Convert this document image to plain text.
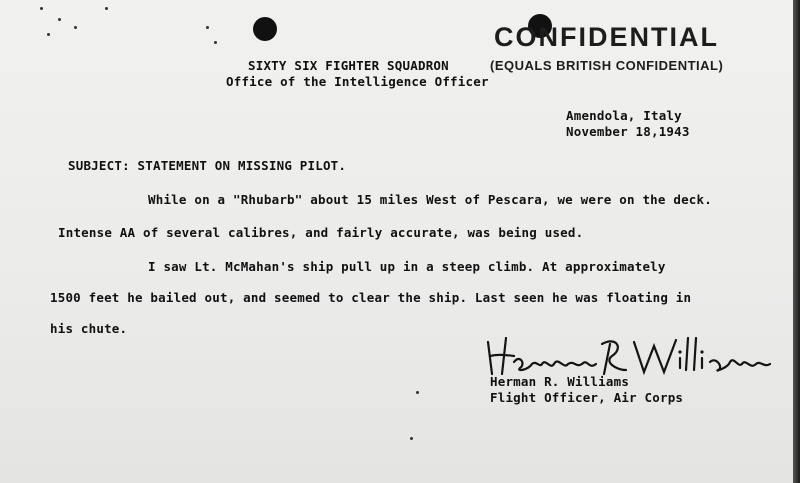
CONFIDENTIAL
(EQUALS BRITISH CONFIDENTIAL)
SIXTY SIX FIGHTER SQUADRON
Office of the Intelligence Officer
Amendola, Italy
November 18,1943
SUBJECT: STATEMENT ON MISSING PILOT.
While on a "Rhubarb" about 15 miles West of Pescara, we were on the deck.
Intense AA of several calibres, and fairly accurate, was being used.
I saw Lt. McMahan's ship pull up in a steep climb. At approximately
1500 feet he bailed out, and seemed to clear the ship. Last seen he was floating in
his chute.
Herman R. Williams
Flight Officer, Air Corps
